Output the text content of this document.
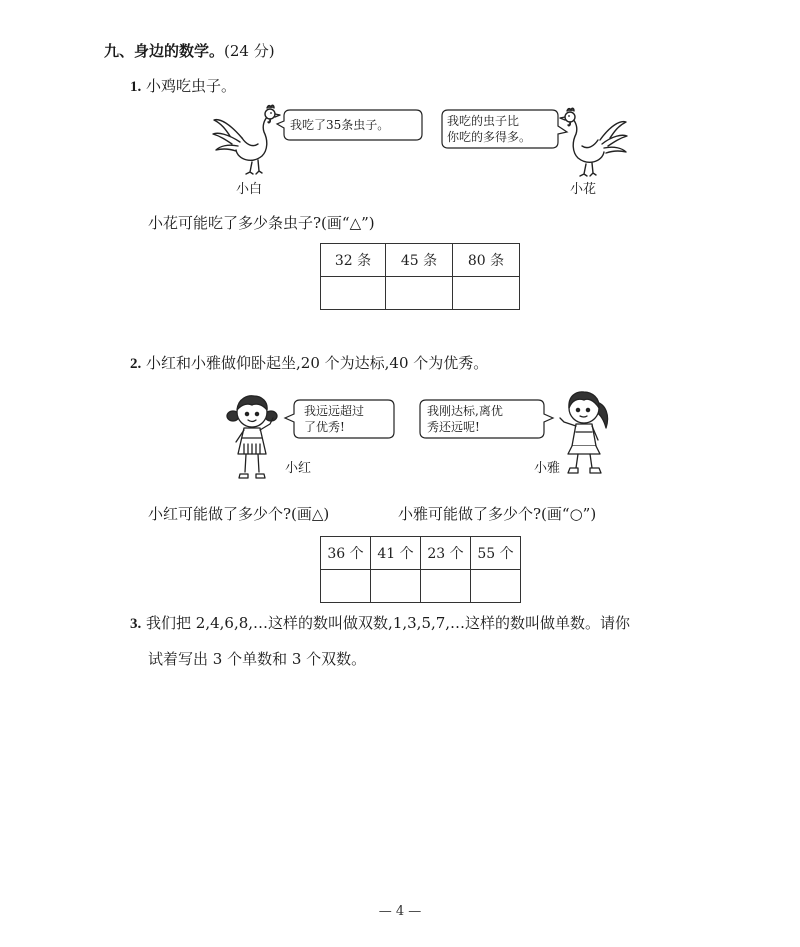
九、身边的数学。(24 分)
1. 小鸡吃虫子。
我吃了35条虫子。	我吃的虫子比
你吃的多得多。
小白	小花
小花可能吃了多少条虫子?(画“△”)
32 条	45 条	80 条

2. 小红和小雅做仰卧起坐,20 个为达标,40 个为优秀。
我远远超过
了优秀!
我刚达标,离优
秀还远呢!
小红	小雅
小红可能做了多少个?(画△)	小雅可能做了多少个?(画“○”)
36 个	41 个	23 个	55 个

3. 我们把 2,4,6,8,…这样的数叫做双数,1,3,5,7,…这样的数叫做单数。请你
试着写出 3 个单数和 3 个双数。
— 4 —
